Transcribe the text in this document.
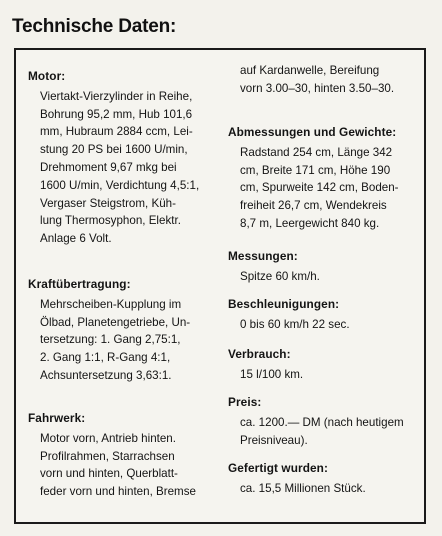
Technische Daten:
Motor:
Viertakt-Vierzylinder in Reihe,
Bohrung 95,2 mm, Hub 101,6
mm, Hubraum 2884 ccm, Lei-
stung 20 PS bei 1600 U/min,
Drehmoment 9,67 mkg bei
1600 U/min, Verdichtung 4,5:1,
Vergaser Steigstrom, Küh-
lung Thermosyphon, Elektr.
Anlage 6 Volt.
Kraftübertragung:
Mehrscheiben-Kupplung im
Ölbad, Planetengetriebe, Un-
tersetzung: 1. Gang 2,75:1,
2. Gang 1:1, R-Gang 4:1,
Achsuntersetzung 3,63:1.
Fahrwerk:
Motor vorn, Antrieb hinten.
Profilrahmen, Starrachsen
vorn und hinten, Querblatt-
feder vorn und hinten, Bremse
auf Kardanwelle, Bereifung
vorn 3.00–30, hinten 3.50–30.
Abmessungen und Gewichte:
Radstand 254 cm, Länge 342
cm, Breite 171 cm, Höhe 190
cm, Spurweite 142 cm, Boden-
freiheit 26,7 cm, Wendekreis
8,7 m, Leergewicht 840 kg.
Messungen:
Spitze 60 km/h.
Beschleunigungen:
0 bis 60 km/h 22 sec.
Verbrauch:
15 l/100 km.
Preis:
ca. 1200.— DM (nach heutigem
Preisniveau).
Gefertigt wurden:
ca. 15,5 Millionen Stück.
